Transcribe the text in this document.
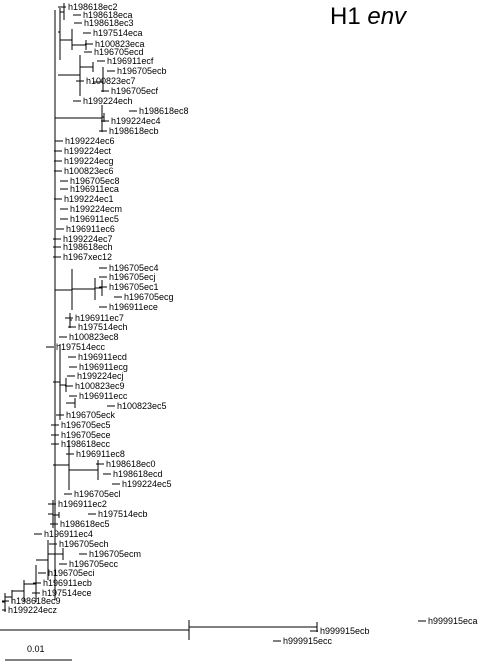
h198618ec2
h198618eca
h198618ec3
h197514eca
h100823eca
h196705ecd
h196911ecf
h196705ecb
h100823ec7
h196705ecf
h199224ech
h198618ec8
h199224ec4
h198618ecb
h199224ec6
h199224ect
h199224ecg
h100823ec6
h196705ec8
h196911eca
h199224ec1
h199224ecm
h196911ec5
h196911ec6
h199224ec7
h198618ech
h1967xec12
h196705ec4
h196705ecj
h196705ec1
h196705ecg
h196911ece
h196911ec7
h197514ech
h100823ec8
h197514ecc
h196911ecd
h196911ecg
h199224ecj
h100823ec9
h196911ecc
h100823ec5
h196705eck
h196705ec5
h196705ece
h198618ecc
h196911ec8
h198618ec0
h198618ecd
h199224ec5
h196705ecl
h196911ec2
h197514ecb
h198618ec5
h196911ec4
h196705ech
h196705ecm
h196705ecc
h196705eci
h196911ecb
h197514ece
h198618ec9
h199224ecz
h999915eca
h999915ecb
h999915ecc
H1 env
0.01
